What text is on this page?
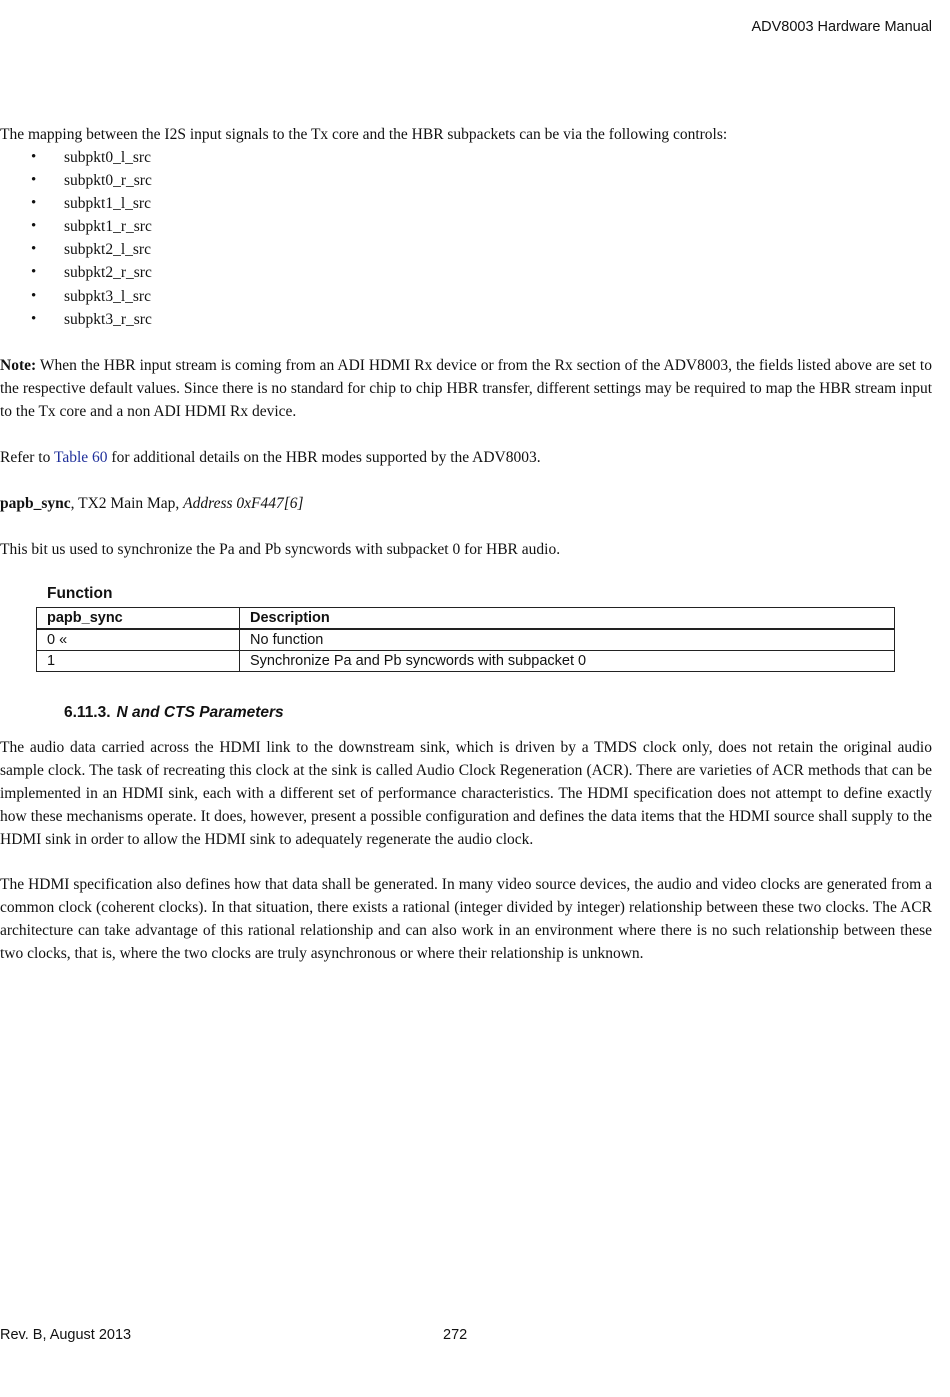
ADV8003 Hardware Manual

The mapping between the I2S input signals to the Tx core and the HBR subpackets can be via the following controls:

• subpkt0_l_src
• subpkt0_r_src
• subpkt1_l_src
• subpkt1_r_src
• subpkt2_l_src
• subpkt2_r_src
• subpkt3_l_src
• subpkt3_r_src

Note: When the HBR input stream is coming from an ADI HDMI Rx device or from the Rx section of the ADV8003, the fields listed above are set to the respective default values. Since there is no standard for chip to chip HBR transfer, different settings may be required to map the HBR stream input to the Tx core and a non ADI HDMI Rx device.

Refer to Table 60 for additional details on the HBR modes supported by the ADV8003.

papb_sync, TX2 Main Map, Address 0xF447[6]

This bit us used to synchronize the Pa and Pb syncwords with subpacket 0 for HBR audio.

Function
papb_sync	Description
0 «	No function
1	Synchronize Pa and Pb syncwords with subpacket 0
6.11.3. N and CTS Parameters

The audio data carried across the HDMI link to the downstream sink, which is driven by a TMDS clock only, does not retain the original audio sample clock. The task of recreating this clock at the sink is called Audio Clock Regeneration (ACR). There are varieties of ACR methods that can be implemented in an HDMI sink, each with a different set of performance characteristics. The HDMI specification does not attempt to define exactly how these mechanisms operate. It does, however, present a possible configuration and defines the data items that the HDMI source shall supply to the HDMI sink in order to allow the HDMI sink to adequately regenerate the audio clock.

The HDMI specification also defines how that data shall be generated. In many video source devices, the audio and video clocks are generated from a common clock (coherent clocks). In that situation, there exists a rational (integer divided by integer) relationship between these two clocks. The ACR architecture can take advantage of this rational relationship and can also work in an environment where there is no such relationship between these two clocks, that is, where the two clocks are truly asynchronous or where their relationship is unknown.

Rev. B, August 2013	272
